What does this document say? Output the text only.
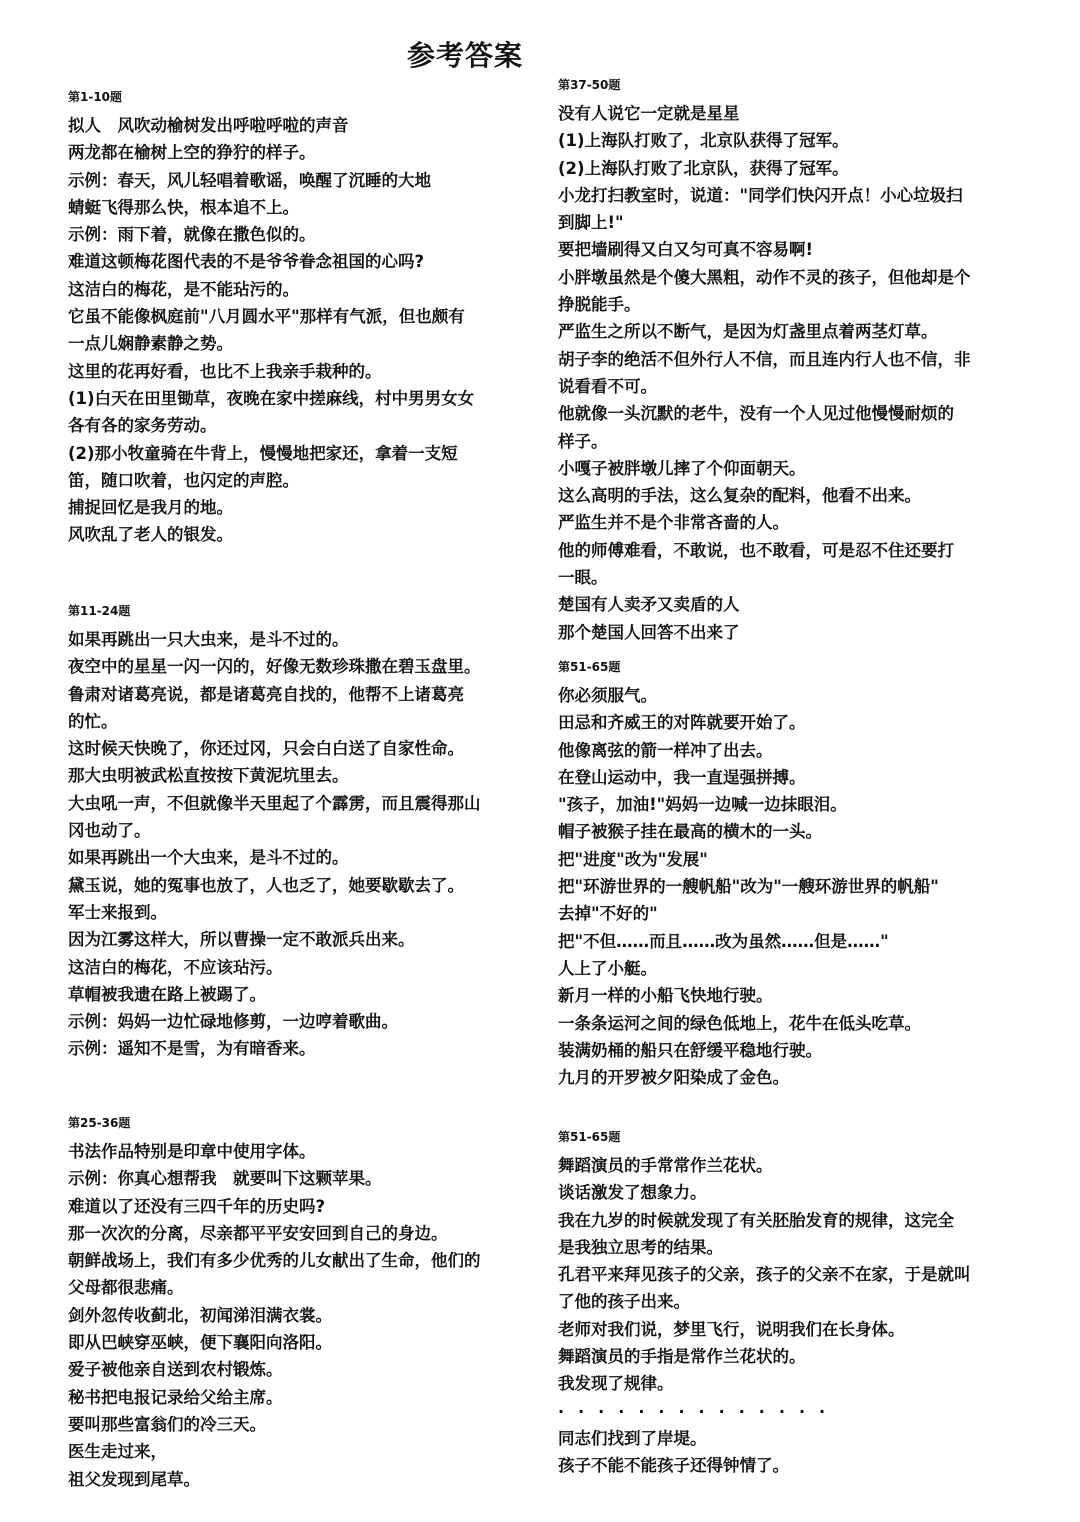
参考答案
第1-10题
拟人　风吹动榆树发出呼啦呼啦的声音
两龙都在榆树上空的狰狞的样子。
示例：春天，风儿轻唱着歌谣，唤醒了沉睡的大地
蜻蜓飞得那么快，根本追不上。
示例：雨下着，就像在撒色似的。
难道这顿梅花图代表的不是爷爷眷念祖国的心吗?
这洁白的梅花，是不能玷污的。
它虽不能像枫庭前"八月圆水平"那样有气派，但也颇有
一点儿娴静素静之势。
这里的花再好看，也比不上我亲手栽种的。
(1)白天在田里锄草，夜晚在家中搓麻线，村中男男女女
各有各的家务劳动。
(2)那小牧童骑在牛背上，慢慢地把家还，拿着一支短
笛，随口吹着，也闪定的声腔。
捕捉回忆是我月的地。
风吹乱了老人的银发。
第11-24题
如果再跳出一只大虫来，是斗不过的。
夜空中的星星一闪一闪的，好像无数珍珠撒在碧玉盘里。
鲁肃对诸葛亮说，都是诸葛亮自找的，他帮不上诸葛亮
的忙。
这时候天快晚了，你还过冈，只会白白送了自家性命。
那大虫明被武松直按按下黄泥坑里去。
大虫吼一声，不但就像半天里起了个霹雳，而且震得那山
冈也动了。
如果再跳出一个大虫来，是斗不过的。
黛玉说，她的冤事也放了，人也乏了，她要歇歇去了。
军士来报到。
因为江雾这样大，所以曹操一定不敢派兵出来。
这洁白的梅花，不应该玷污。
草帽被我遗在路上被踢了。
示例：妈妈一边忙碌地修剪，一边哼着歌曲。
示例：遥知不是雪，为有暗香来。
第25-36题
书法作品特别是印章中使用字体。
示例：你真心想帮我　就要叫下这颗苹果。
难道以了还没有三四千年的历史吗?
那一次次的分离，尽亲都平平安安回到自己的身边。
朝鲜战场上，我们有多少优秀的儿女献出了生命，他们的
父母都很悲痛。
剑外忽传收蓟北，初闻涕泪满衣裳。
即从巴峡穿巫峡，便下襄阳向洛阳。
爱子被他亲自送到农村锻炼。
秘书把电报记录给父给主席。
要叫那些富翁们的冷三天。
医生走过来，
祖父发现到尾草。
第37-50题
没有人说它一定就是星星
(1)上海队打败了，北京队获得了冠军。
(2)上海队打败了北京队，获得了冠军。
小龙打扫教室时，说道："同学们快闪开点！小心垃圾扫
到脚上!"
要把墙刷得又白又匀可真不容易啊!
小胖墩虽然是个傻大黑粗，动作不灵的孩子，但他却是个
挣脱能手。
严监生之所以不断气，是因为灯盏里点着两茎灯草。
胡子李的绝活不但外行人不信，而且连内行人也不信，非
说看看不可。
他就像一头沉默的老牛，没有一个人见过他慢慢耐烦的
样子。
小嘎子被胖墩儿摔了个仰面朝天。
这么高明的手法，这么复杂的配料，他看不出来。
严监生并不是个非常吝啬的人。
他的师傅难看，不敢说，也不敢看，可是忍不住还要打
一眼。
楚国有人卖矛又卖盾的人
那个楚国人回答不出来了
第51-65题
你必须服气。
田忌和齐威王的对阵就要开始了。
他像离弦的箭一样冲了出去。
在登山运动中，我一直逞强拼搏。
"孩子，加油!"妈妈一边喊一边抹眼泪。
帽子被猴子挂在最高的横木的一头。
把"进度"改为"发展"
把"环游世界的一艘帆船"改为"一艘环游世界的帆船"
去掉"不好的"
把"不但……而且……改为虽然……但是……"
人上了小艇。
新月一样的小船飞快地行驶。
一条条运河之间的绿色低地上，花牛在低头吃草。
装满奶桶的船只在舒缓平稳地行驶。
九月的开罗被夕阳染成了金色。
第51-65题
舞蹈演员的手常常作兰花状。
谈话激发了想象力。
我在九岁的时候就发现了有关胚胎发育的规律，这完全
是我独立思考的结果。
孔君平来拜见孩子的父亲，孩子的父亲不在家，于是就叫
了他的孩子出来。
老师对我们说，梦里飞行，说明我们在长身体。
舞蹈演员的手指是常作兰花状的。
我发现了规律。
··············
同志们找到了岸堤。
孩子不能不能孩子还得钟情了。
